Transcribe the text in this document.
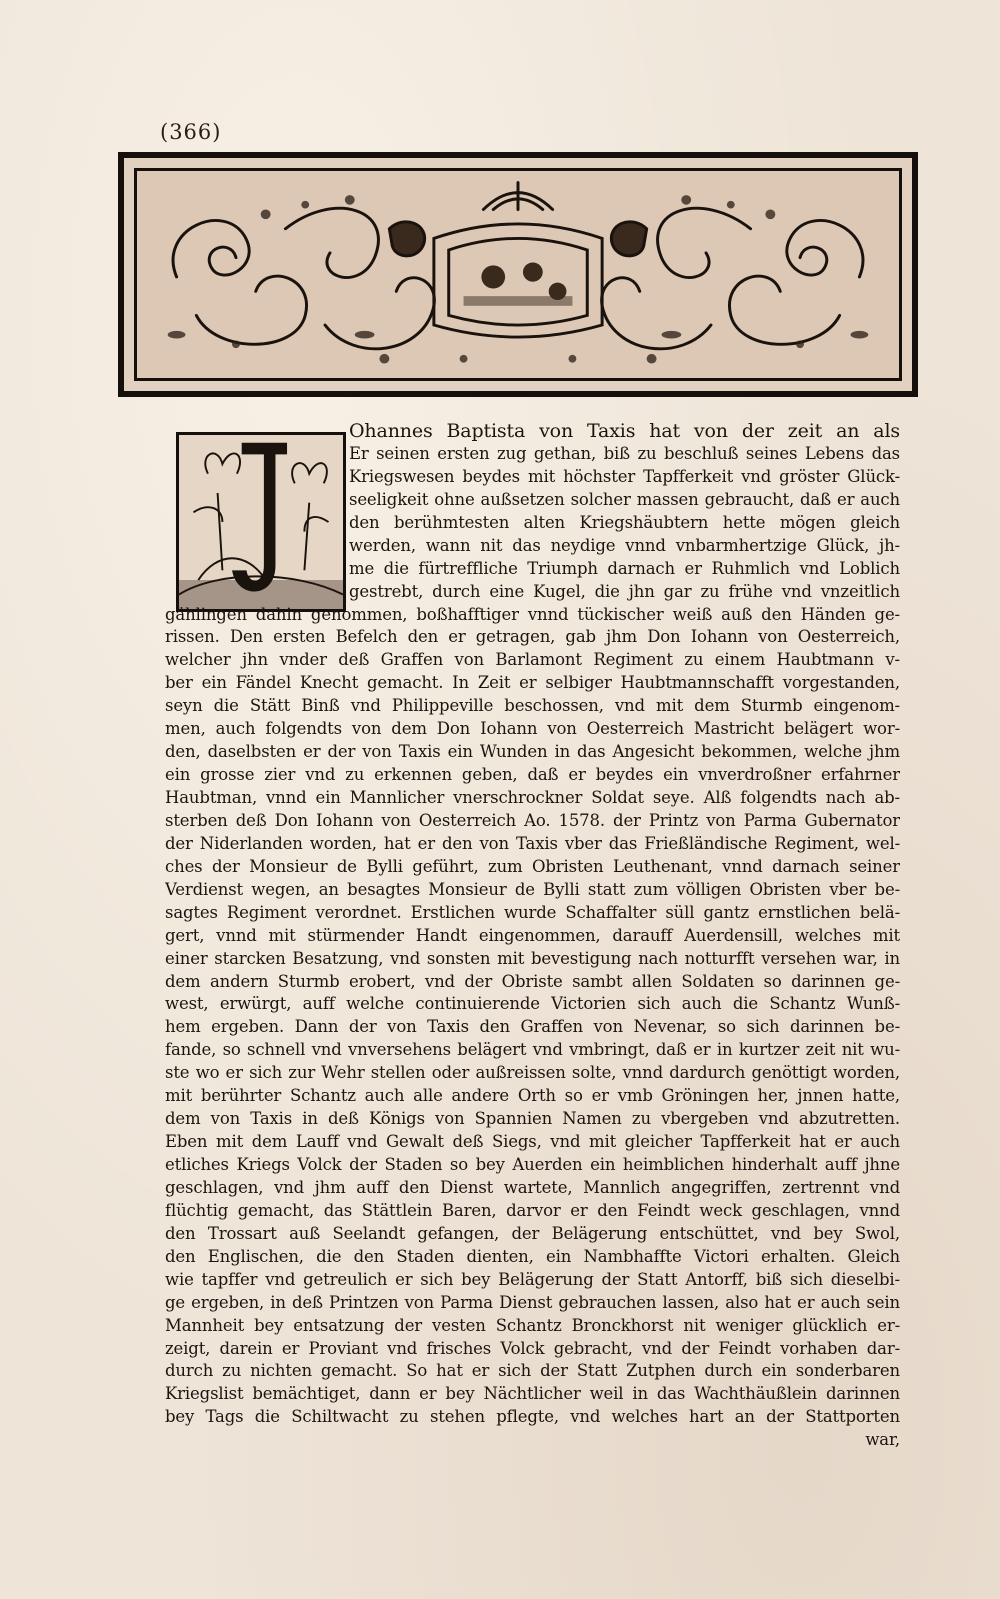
(366)
Ohannes Baptista von Taxis hat von der zeit an als
Er seinen ersten zug gethan, biß zu beschluß seines Lebens das
Kriegswesen beydes mit höchster Tapfferkeit vnd gröster Glück-
seeligkeit ohne außsetzen solcher massen gebraucht, daß er auch
den berühmtesten alten Kriegshäubtern hette mögen gleich
werden, wann nit das neydige vnnd vnbarmhertzige Glück, jh-
me die fürtreffliche Triumph darnach er Ruhmlich vnd Loblich
gestrebt, durch eine Kugel, die jhn gar zu frühe vnd vnzeitlich
gählingen dahin genommen, boßhafftiger vnnd tückischer weiß auß den Händen ge-
rissen. Den ersten Befelch den er getragen, gab jhm Don Iohann von Oesterreich,
welcher jhn vnder deß Graffen von Barlamont Regiment zu einem Haubtmann v-
ber ein Fändel Knecht gemacht. In Zeit er selbiger Haubtmannschafft vorgestanden,
seyn die Stätt Binß vnd Philippeville beschossen, vnd mit dem Sturmb eingenom-
men, auch folgendts von dem Don Iohann von Oesterreich Mastricht belägert wor-
den, daselbsten er der von Taxis ein Wunden in das Angesicht bekommen, welche jhm
ein grosse zier vnd zu erkennen geben, daß er beydes ein vnverdroßner erfahrner
Haubtman, vnnd ein Mannlicher vnerschrockner Soldat seye. Alß folgendts nach ab-
sterben deß Don Iohann von Oesterreich Ao. 1578. der Printz von Parma Gubernator
der Niderlanden worden, hat er den von Taxis vber das Frießländische Regiment, wel-
ches der Monsieur de Bylli geführt, zum Obristen Leuthenant, vnnd darnach seiner
Verdienst wegen, an besagtes Monsieur de Bylli statt zum völligen Obristen vber be-
sagtes Regiment verordnet. Erstlichen wurde Schaffalter süll gantz ernstlichen belä-
gert, vnnd mit stürmender Handt eingenommen, darauff Auerdensill, welches mit
einer starcken Besatzung, vnd sonsten mit bevestigung nach notturfft versehen war, in
dem andern Sturmb erobert, vnd der Obriste sambt allen Soldaten so darinnen ge-
west, erwürgt, auff welche continuierende Victorien sich auch die Schantz Wunß-
hem ergeben. Dann der von Taxis den Graffen von Nevenar, so sich darinnen be-
fande, so schnell vnd vnversehens belägert vnd vmbringt, daß er in kurtzer zeit nit wu-
ste wo er sich zur Wehr stellen oder außreissen solte, vnnd dardurch genöttigt worden,
mit berührter Schantz auch alle andere Orth so er vmb Gröningen her, jnnen hatte,
dem von Taxis in deß Königs von Spannien Namen zu vbergeben vnd abzutretten.
Eben mit dem Lauff vnd Gewalt deß Siegs, vnd mit gleicher Tapfferkeit hat er auch
etliches Kriegs Volck der Staden so bey Auerden ein heimblichen hinderhalt auff jhne
geschlagen, vnd jhm auff den Dienst wartete, Mannlich angegriffen, zertrennt vnd
flüchtig gemacht, das Stättlein Baren, darvor er den Feindt weck geschlagen, vnnd
den Trossart auß Seelandt gefangen, der Belägerung entschüttet, vnd bey Swol,
den Englischen, die den Staden dienten, ein Nambhaffte Victori erhalten. Gleich
wie tapffer vnd getreulich er sich bey Belägerung der Statt Antorff, biß sich dieselbi-
ge ergeben, in deß Printzen von Parma Dienst gebrauchen lassen, also hat er auch sein
Mannheit bey entsatzung der vesten Schantz Bronckhorst nit weniger glücklich er-
zeigt, darein er Proviant vnd frisches Volck gebracht, vnd der Feindt vorhaben dar-
durch zu nichten gemacht. So hat er sich der Statt Zutphen durch ein sonderbaren
Kriegslist bemächtiget, dann er bey Nächtlicher weil in das Wachthäußlein darinnen
bey Tags die Schiltwacht zu stehen pflegte, vnd welches hart an der Stattporten
war,
